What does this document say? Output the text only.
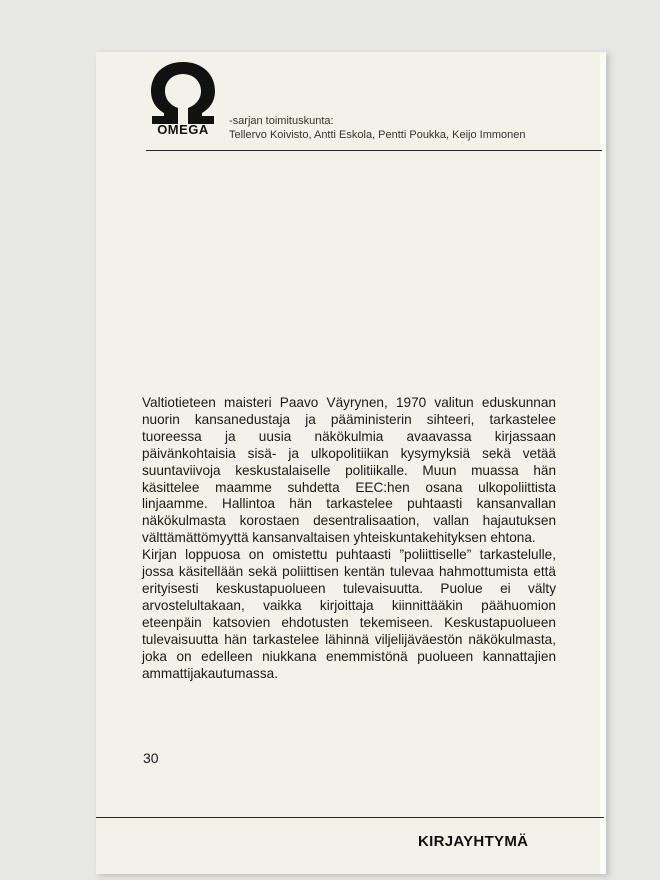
OMEGA
-sarjan toimituskunta:
Tellervo Koivisto, Antti Eskola, Pentti Poukka, Keijo Immonen

Valtiotieteen maisteri Paavo Väyrynen, 1970 valitun eduskunnan nuorin kansanedustaja ja pääministerin sihteeri, tarkastelee tuoreessa ja uusia näkökulmia avaavassa kirjassaan päivänkohtaisia sisä- ja ulkopolitiikan kysymyksiä sekä vetää suuntaviivoja keskustalaiselle politiikalle. Muun muassa hän käsittelee maamme suhdetta EEC:hen osana ulkopoliittista linjaamme. Hallintoa hän tarkastelee puhtaasti kansanvallan näkökulmasta korostaen desentralisaation, vallan hajautuksen välttämättömyyttä kansanvaltaisen yhteiskuntakehityksen ehtona.

Kirjan loppuosa on omistettu puhtaasti ”poliittiselle” tarkastelulle, jossa käsitellään sekä poliittisen kentän tulevaa hahmottumista että erityisesti keskustapuolueen tulevaisuutta. Puolue ei välty arvostelultakaan, vaikka kirjoittaja kiinnittääkin päähuomion eteenpäin katsovien ehdotusten tekemiseen. Keskustapuolueen tulevaisuutta hän tarkastelee lähinnä viljelijäväestön näkökulmasta, joka on edelleen niukkana enemmistönä puolueen kannattajien ammattijakautumassa.

30
KIRJAYHTYMÄ
